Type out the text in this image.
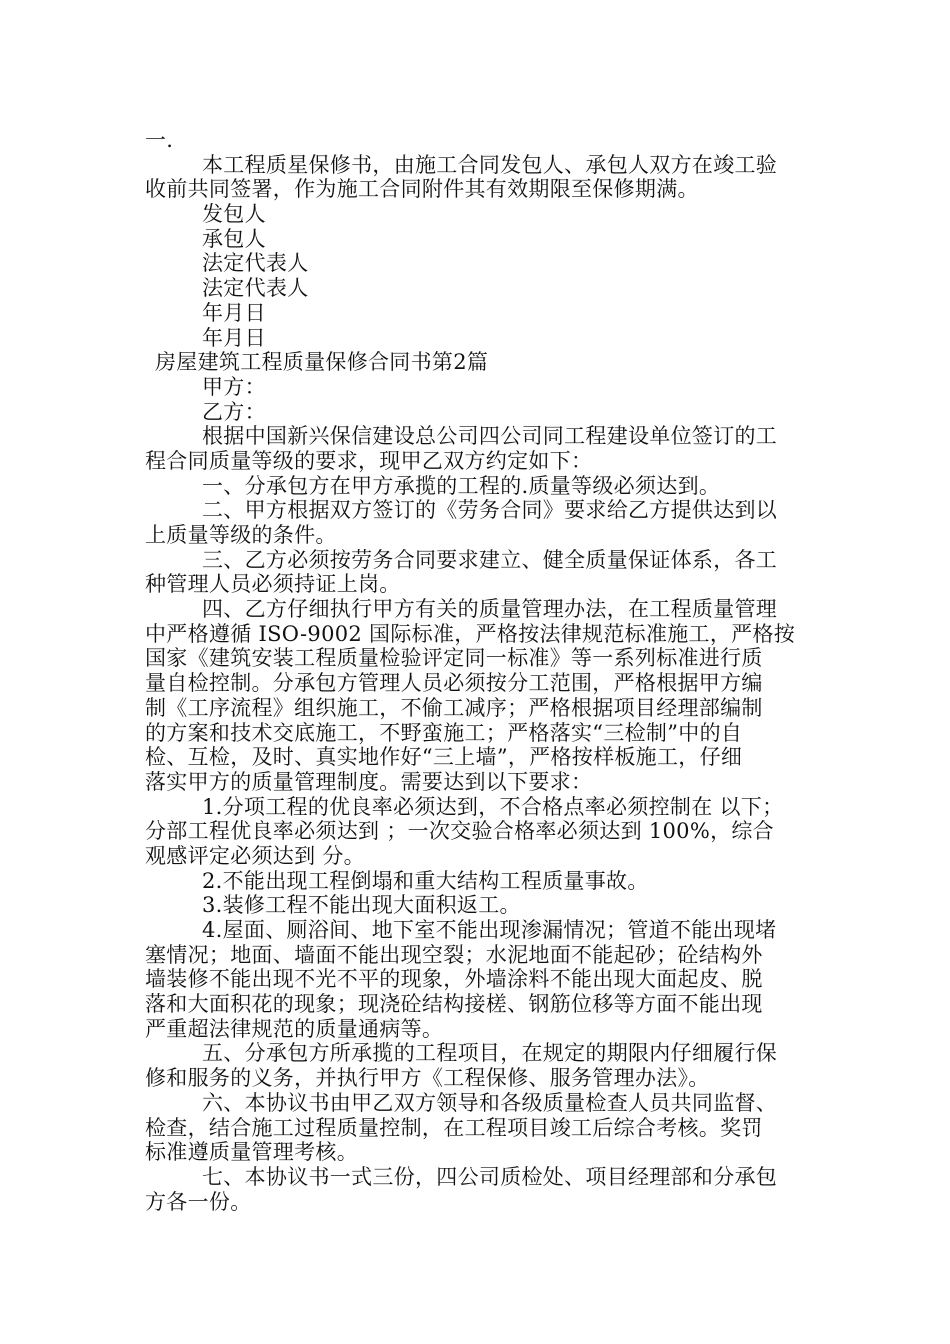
一.
本工程质星保修书，由施工合同发包人、承包人双方在竣工验
收前共同签署，作为施工合同附件其有效期限至保修期满。
发包人
承包人
法定代表人
法定代表人
年月日
年月日
房屋建筑工程质量保修合同书第2篇
甲方：
乙方：
根据中国新兴保信建设总公司四公司同工程建设单位签订的工
程合同质量等级的要求，现甲乙双方约定如下：
一、分承包方在甲方承揽的工程的.质量等级必须达到。
二、甲方根据双方签订的《劳务合同》要求给乙方提供达到以
上质量等级的条件。
三、乙方必须按劳务合同要求建立、健全质量保证体系，各工
种管理人员必须持证上岗。
四、乙方仔细执行甲方有关的质量管理办法，在工程质量管理
中严格遵循 ISO-9002 国际标准，严格按法律规范标准施工，严格按
国家《建筑安装工程质量检验评定同一标准》等一系列标准进行质
量自检控制。分承包方管理人员必须按分工范围，严格根据甲方编
制《工序流程》组织施工，不偷工减序；严格根据项目经理部编制
的方案和技术交底施工，不野蛮施工；严格落实“三检制”中的自
检、互检，及时、真实地作好“三上墙”，严格按样板施工，仔细
落实甲方的质量管理制度。需要达到以下要求：
1.分项工程的优良率必须达到，不合格点率必须控制在 以下；
分部工程优良率必须达到 ；一次交验合格率必须达到 100%，综合
观感评定必须达到 分。
2.不能出现工程倒塌和重大结构工程质量事故。
3.装修工程不能出现大面积返工。
4.屋面、厕浴间、地下室不能出现渗漏情况；管道不能出现堵
塞情况；地面、墙面不能出现空裂；水泥地面不能起砂；砼结构外
墙装修不能出现不光不平的现象，外墙涂料不能出现大面起皮、脱
落和大面积花的现象；现浇砼结构接槎、钢筋位移等方面不能出现
严重超法律规范的质量通病等。
五、分承包方所承揽的工程项目，在规定的期限内仔细履行保
修和服务的义务，并执行甲方《工程保修、服务管理办法》。
六、本协议书由甲乙双方领导和各级质量检查人员共同监督、
检查，结合施工过程质量控制，在工程项目竣工后综合考核。奖罚
标准遵质量管理考核。
七、本协议书一式三份，四公司质检处、项目经理部和分承包
方各一份。
